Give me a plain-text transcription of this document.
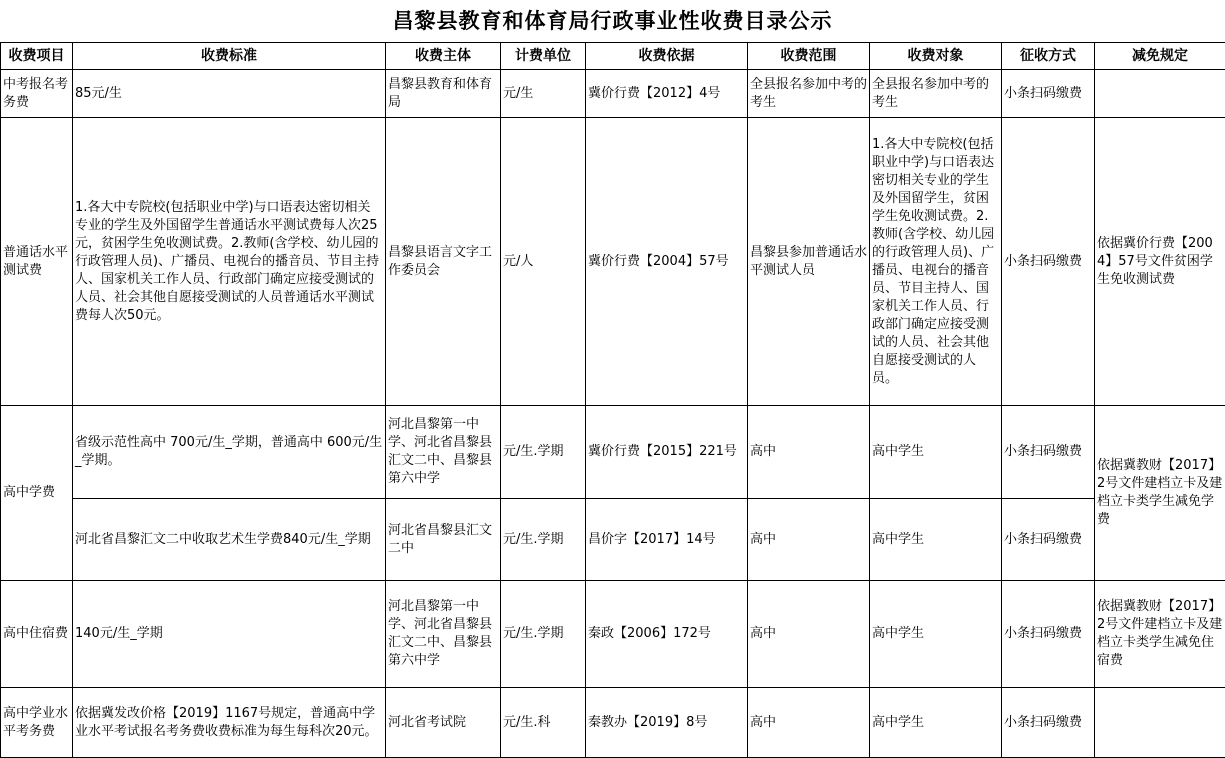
昌黎县教育和体育局行政事业性收费目录公示
收费项目	收费标准	收费主体	计费单位	收费依据	收费范围	收费对象	征收方式	减免规定
中考报名考务费	85元/生	昌黎县教育和体育局	元/生	冀价行费【2012】4号	全县报名参加中考的考生	全县报名参加中考的考生	小条扫码缴费	
普通话水平测试费	1.各大中专院校(包括职业中学)与口语表达密切相关专业的学生及外国留学生普通话水平测试费每人次25元，贫困学生免收测试费。2.教师(含学校、幼儿园的行政管理人员)、广播员、电视台的播音员、节目主持人、国家机关工作人员、行政部门确定应接受测试的人员、社会其他自愿接受测试的人员普通话水平测试费每人次50元。	昌黎县语言文字工作委员会	元/人	冀价行费【2004】57号	昌黎县参加普通话水平测试人员	1.各大中专院校(包括职业中学)与口语表达密切相关专业的学生及外国留学生，贫困学生免收测试费。2.教师(含学校、幼儿园的行政管理人员)、广播员、电视台的播音员、节目主持人、国家机关工作人员、行政部门确定应接受测试的人员、社会其他自愿接受测试的人员。	小条扫码缴费	依据冀价行费【2004】57号文件贫困学生免收测试费
高中学费	省级示范性高中 700元/生_学期，普通高中 600元/生_学期。	河北昌黎第一中学、河北省昌黎县汇文二中、昌黎县第六中学	元/生.学期	冀价行费【2015】221号	高中	高中学生	小条扫码缴费	依据冀教财【2017】2号文件建档立卡及建档立卡类学生减免学费
	河北省昌黎汇文二中收取艺术生学费840元/生_学期	河北省昌黎县汇文二中	元/生.学期	昌价字【2017】14号	高中	高中学生	小条扫码缴费	
高中住宿费	140元/生_学期	河北昌黎第一中学、河北省昌黎县汇文二中、昌黎县第六中学	元/生.学期	秦政【2006】172号	高中	高中学生	小条扫码缴费	依据冀教财【2017】2号文件建档立卡及建档立卡类学生减免住宿费
高中学业水平考务费	依据冀发改价格【2019】1167号规定，普通高中学业水平考试报名考务费收费标准为每生每科次20元。	河北省考试院	元/生.科	秦教办【2019】8号	高中	高中学生	小条扫码缴费	
